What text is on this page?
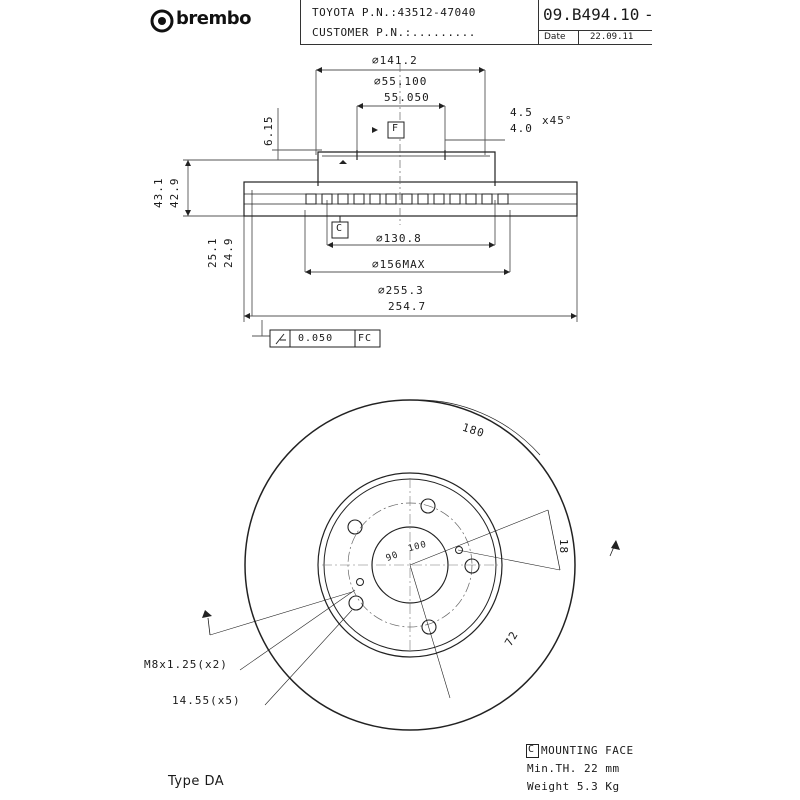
brembo	TOYOTA P.N.:43512-47040
CUSTOMER P.N.:.........
09.B494.10 -
Date	22.09.11
∅141.2
∅55.100
55.050
4.5
4.0
x45°
F
C
6.15
43.1 42.9
25.1 24.9	∅130.8
∅156MAX
∅255.3
254.7
0.050 FC
180
18
72
90
100
M8x1.25(x2)
14.55(x5)
Type DA
C MOUNTING FACE
Min.TH. 22 mm
Weight 5.3 Kg
